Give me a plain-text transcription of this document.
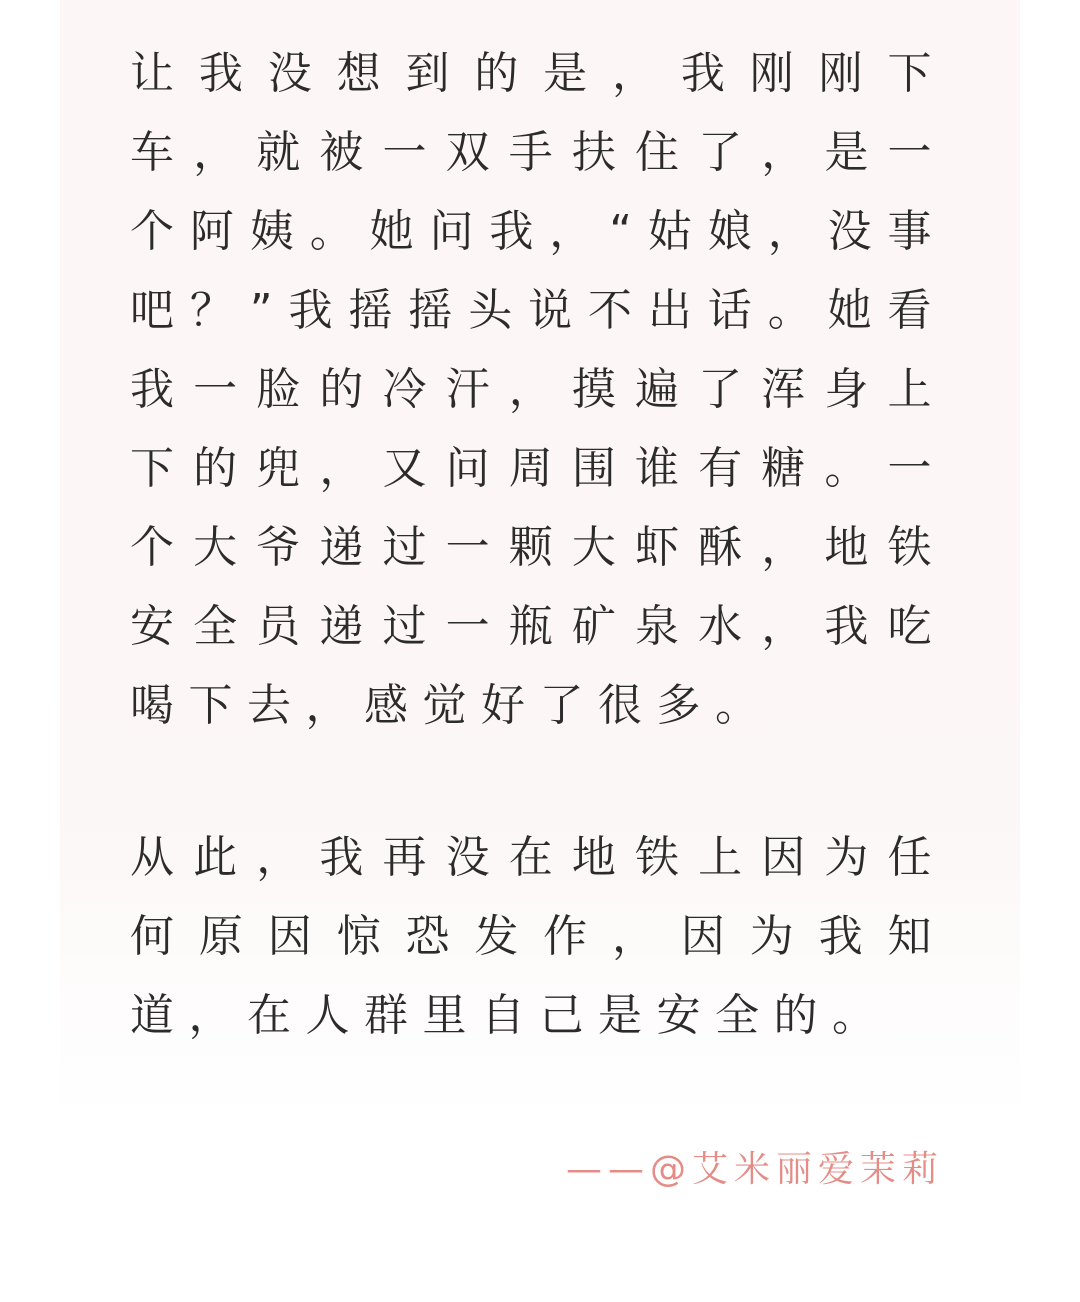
让我没想到的是，我刚刚下车，就被一双手扶住了，是一个阿姨。她问我，“姑娘，没事吧？”我摇摇头说不出话。她看我一脸的冷汗，摸遍了浑身上下的兜，又问周围谁有糖。一个大爷递过一颗大虾酥，地铁安全员递过一瓶矿泉水，我吃喝下去，感觉好了很多。

从此，我再没在地铁上因为任何原因惊恐发作，因为我知道，在人群里自己是安全的。

——@艾米丽爱茉莉
